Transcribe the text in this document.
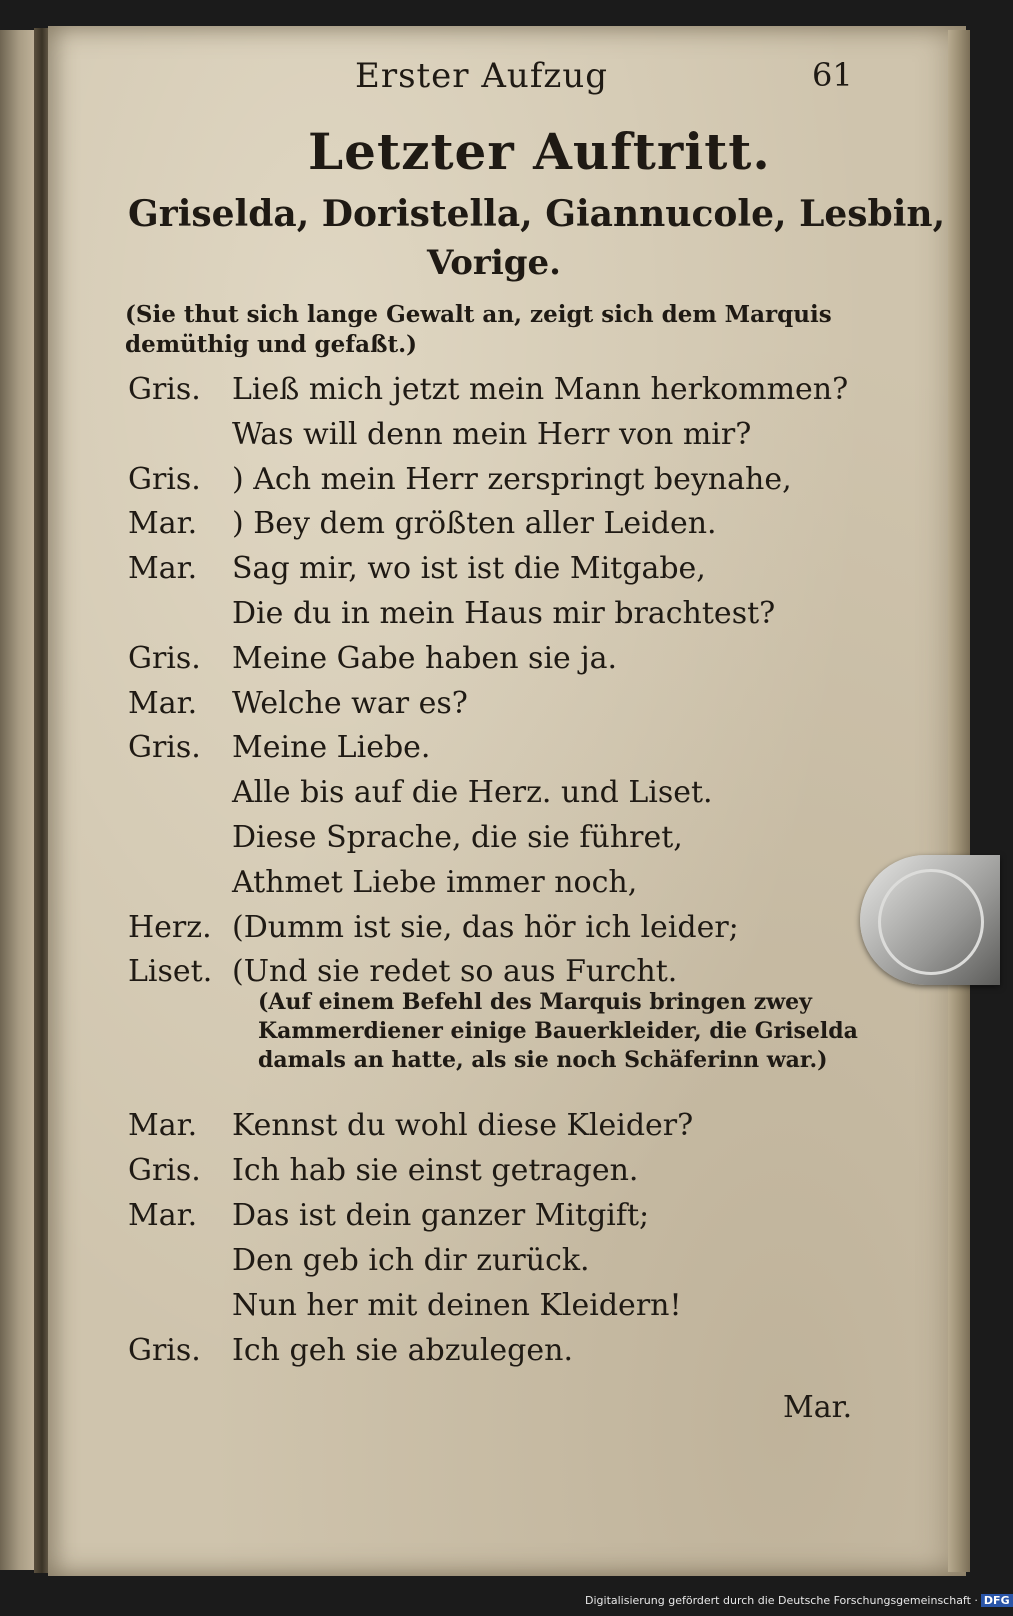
Erster Aufzug	61
Letzter Auftritt.
Griselda, Doristella, Giannucole, Lesbin,
Vorige.
(Sie thut sich lange Gewalt an, zeigt sich dem Marquis demüthig und gefaßt.)
Gris.	Ließ mich jetzt mein Mann herkommen?
Was will denn mein Herr von mir?
Gris.	) Ach mein Herr zerspringt beynahe,
Mar.	) Bey dem größten aller Leiden.
Mar.	Sag mir, wo ist ist die Mitgabe,
Die du in mein Haus mir brachtest?
Gris.	Meine Gabe haben sie ja.
Mar.	Welche war es?
Gris.	Meine Liebe.
Alle bis auf die Herz. und Liset.
Diese Sprache, die sie führet,
Athmet Liebe immer noch,
Herz. (Dumm ist sie, das hör ich leider;
Liset. (Und sie redet so aus Furcht.
(Auf einem Befehl des Marquis bringen zwey Kammerdiener einige Bauerkleider, die Griselda damals an hatte, als sie noch Schäferinn war.)
Mar.	Kennst du wohl diese Kleider?
Gris.	Ich hab sie einst getragen.
Mar.	Das ist dein ganzer Mitgift;
Den geb ich dir zurück.
Nun her mit deinen Kleidern!
Gris.	Ich geh sie abzulegen.
Mar.
Digitalisierung gefördert durch die Deutsche Forschungsgemeinschaft · DFG
